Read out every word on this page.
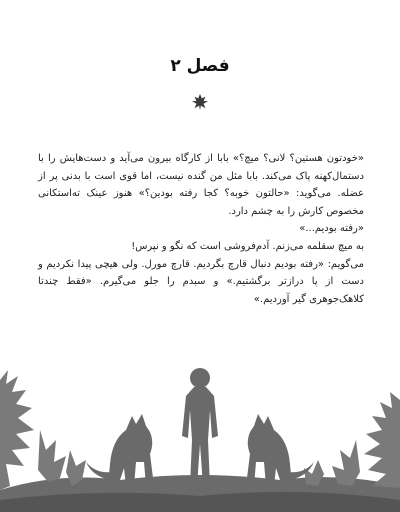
فصل ۲

«خودتون هستین؟ لانی؟ میچ؟» بابا از کارگاه بیرون می‌آید و دست‌هایش را با دستمال‌کهنه پاک می‌کند. بابا مثل من گنده نیست، اما قوی است با بدنی پر از عضله. می‌گوید: «حالتون خوبه؟ کجا رفته بودین؟» هنوز عینک ته‌استکانی مخصوص کارش را به چشم دارد.

«رفته بودیم...»

به میچ سقلمه می‌زنم. آدم‌فروشی است که نگو و نپرس!

می‌گویم: «رفته بودیم دنبال قارچ بگردیم. قارچ مورل. ولی هیچی پیدا نکردیم و دست از پا درازتر برگشتیم.» و سبدم را جلو می‌گیرم. «فقط چندتا کلاهک‌جوهری گیر آوردیم.»
